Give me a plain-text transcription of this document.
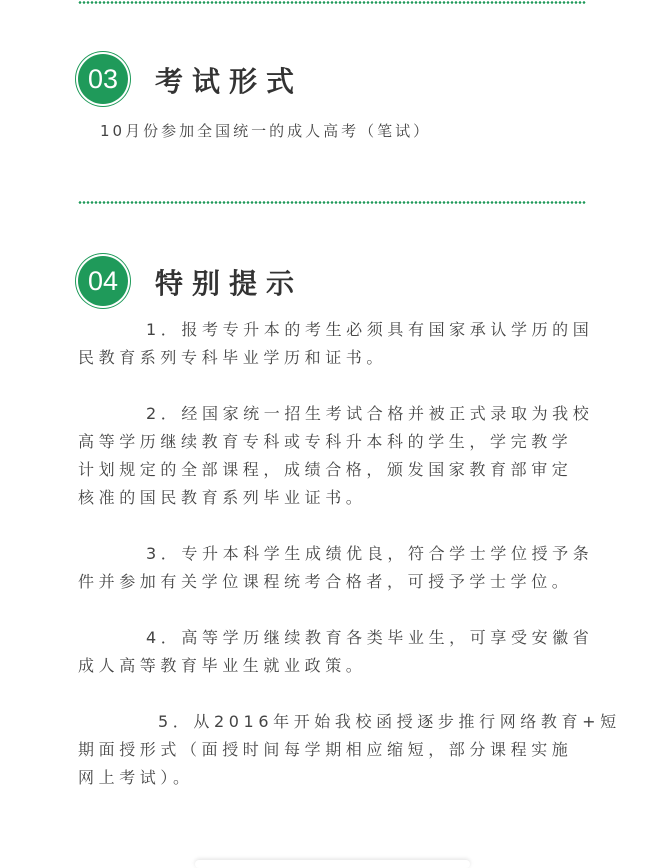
03	考试形式
10月份参加全国统一的成人高考（笔试）
04	特别提示
1．报考专升本的考生必须具有国家承认学历的国
民教育系列专科毕业学历和证书。
2．经国家统一招生考试合格并被正式录取为我校
高等学历继续教育专科或专科升本科的学生，学完教学
计划规定的全部课程，成绩合格，颁发国家教育部审定
核准的国民教育系列毕业证书。
3．专升本科学生成绩优良，符合学士学位授予条
件并参加有关学位课程统考合格者，可授予学士学位。
4．高等学历继续教育各类毕业生，可享受安徽省
成人高等教育毕业生就业政策。
5．从2016年开始我校函授逐步推行网络教育+短
期面授形式（面授时间每学期相应缩短，部分课程实施
网上考试）。
